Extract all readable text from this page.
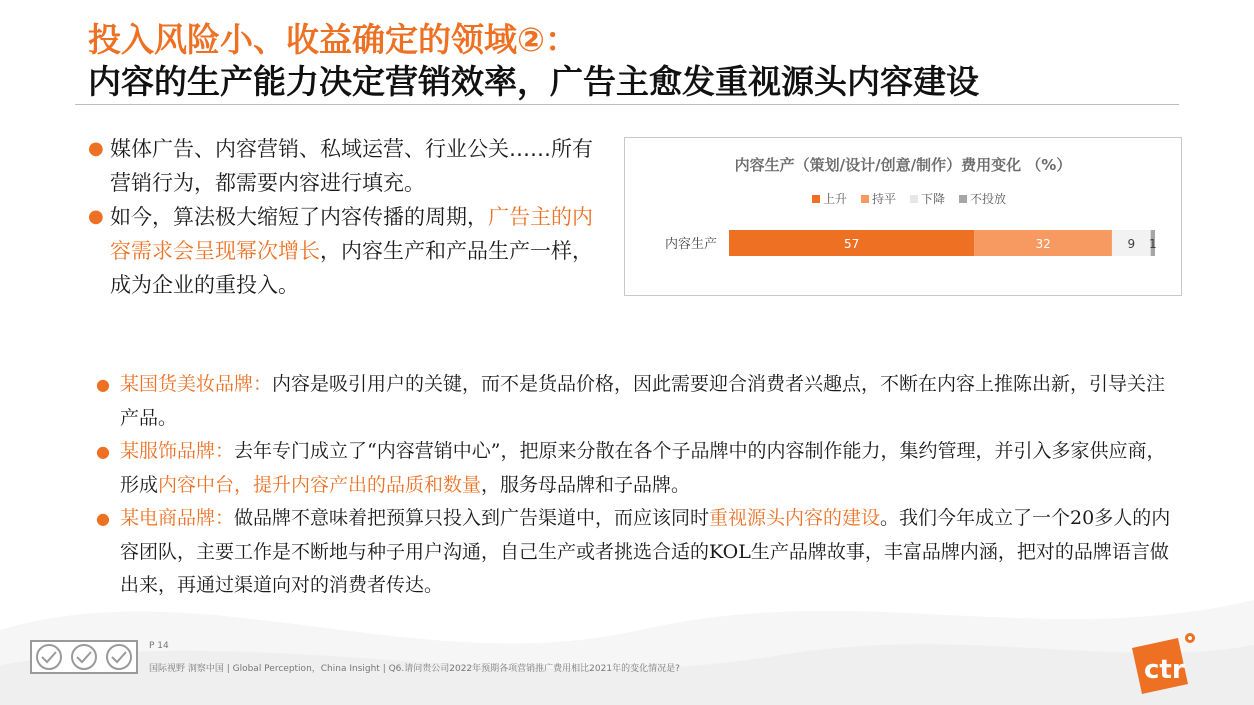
投入风险小、收益确定的领域②：
内容的生产能力决定营销效率，广告主愈发重视源头内容建设
● 媒体广告、内容营销、私域运营、行业公关……所有营销行为，都需要内容进行填充。
● 如今，算法极大缩短了内容传播的周期，广告主的内容需求会呈现幂次增长，内容生产和产品生产一样，成为企业的重投入。
内容生产（策划/设计/创意/制作）费用变化 （%）
上升 持平 下降 不投放
内容生产	57	32	9 1
● 某国货美妆品牌：内容是吸引用户的关键，而不是货品价格，因此需要迎合消费者兴趣点，不断在内容上推陈出新，引导关注产品。
● 某服饰品牌：去年专门成立了“内容营销中心”，把原来分散在各个子品牌中的内容制作能力，集约管理，并引入多家供应商，形成内容中台，提升内容产出的品质和数量，服务母品牌和子品牌。
● 某电商品牌：做品牌不意味着把预算只投入到广告渠道中，而应该同时重视源头内容的建设。我们今年成立了一个20多人的内容团队，主要工作是不断地与种子用户沟通，自己生产或者挑选合适的KOL生产品牌故事，丰富品牌内涵，把对的品牌语言做出来，再通过渠道向对的消费者传达。
P 14
国际视野 洞察中国 | Global Perception，China Insight | Q6.请问贵公司2022年预期各项营销推广费用相比2021年的变化情况是?	ctr
